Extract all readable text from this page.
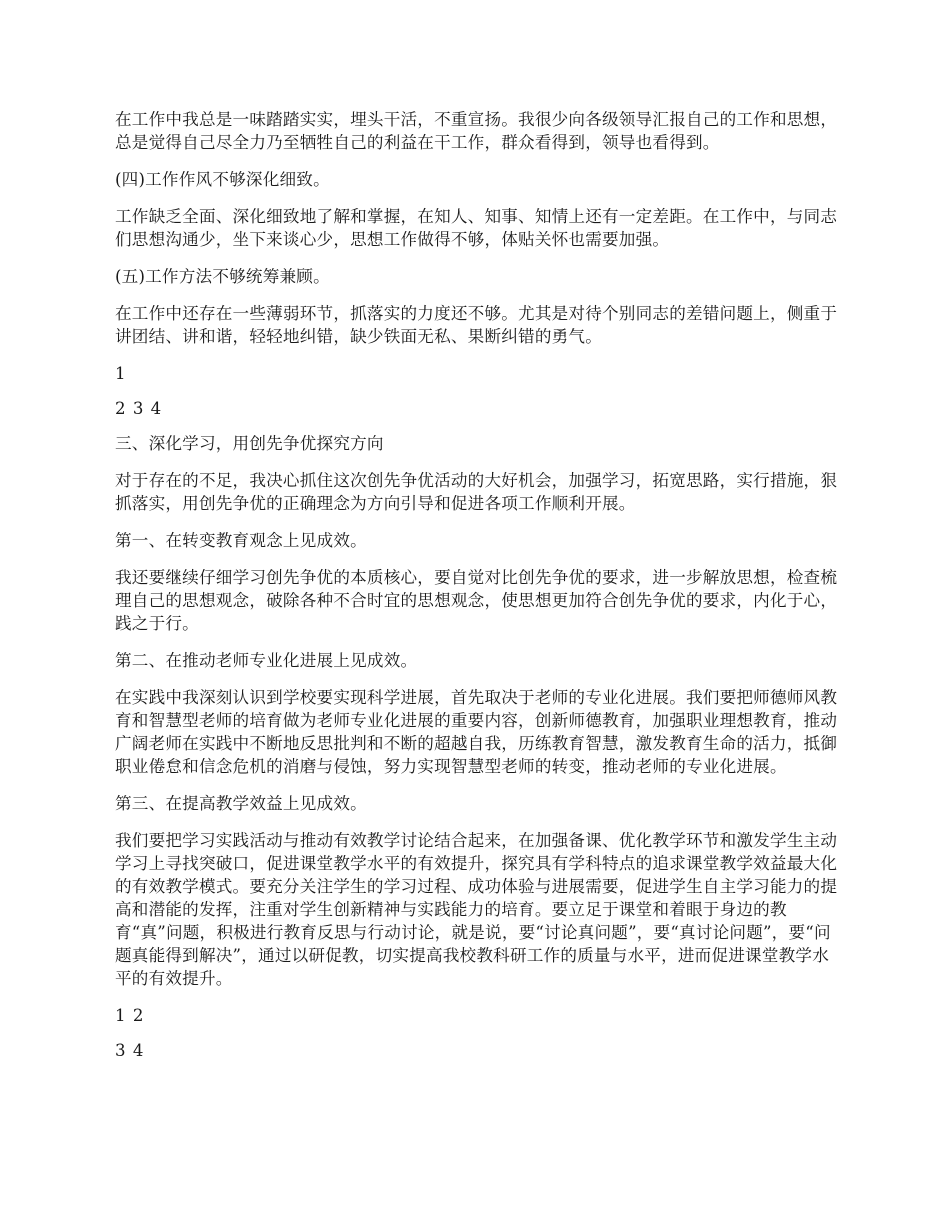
在工作中我总是一味踏踏实实，埋头干活，不重宣扬。我很少向各级领导汇报自己的工作和思想，总是觉得自己尽全力乃至牺牲自己的利益在干工作，群众看得到，领导也看得到。

(四)工作作风不够深化细致。

工作缺乏全面、深化细致地了解和掌握，在知人、知事、知情上还有一定差距。在工作中，与同志们思想沟通少，坐下来谈心少，思想工作做得不够，体贴关怀也需要加强。

(五)工作方法不够统筹兼顾。

在工作中还存在一些薄弱环节，抓落实的力度还不够。尤其是对待个别同志的差错问题上，侧重于讲团结、讲和谐，轻轻地纠错，缺少铁面无私、果断纠错的勇气。

1

2 3 4

三、深化学习，用创先争优探究方向

对于存在的不足，我决心抓住这次创先争优活动的大好机会，加强学习，拓宽思路，实行措施，狠抓落实，用创先争优的正确理念为方向引导和促进各项工作顺利开展。

第一、在转变教育观念上见成效。

我还要继续仔细学习创先争优的本质核心，要自觉对比创先争优的要求，进一步解放思想，检查梳理自己的思想观念，破除各种不合时宜的思想观念，使思想更加符合创先争优的要求，内化于心，践之于行。

第二、在推动老师专业化进展上见成效。

在实践中我深刻认识到学校要实现科学进展，首先取决于老师的专业化进展。我们要把师德师风教育和智慧型老师的培育做为老师专业化进展的重要内容，创新师德教育，加强职业理想教育，推动广阔老师在实践中不断地反思批判和不断的超越自我，历练教育智慧，激发教育生命的活力，抵御职业倦怠和信念危机的消磨与侵蚀，努力实现智慧型老师的转变，推动老师的专业化进展。

第三、在提高教学效益上见成效。

我们要把学习实践活动与推动有效教学讨论结合起来，在加强备课、优化教学环节和激发学生主动学习上寻找突破口，促进课堂教学水平的有效提升，探究具有学科特点的追求课堂教学效益最大化的有效教学模式。要充分关注学生的学习过程、成功体验与进展需要，促进学生自主学习能力的提高和潜能的发挥，注重对学生创新精神与实践能力的培育。要立足于课堂和着眼于身边的教育“真”问题，积极进行教育反思与行动讨论，就是说，要“讨论真问题”，要“真讨论问题”，要“问题真能得到解决”，通过以研促教，切实提高我校教科研工作的质量与水平，进而促进课堂教学水平的有效提升。

1 2

3 4
